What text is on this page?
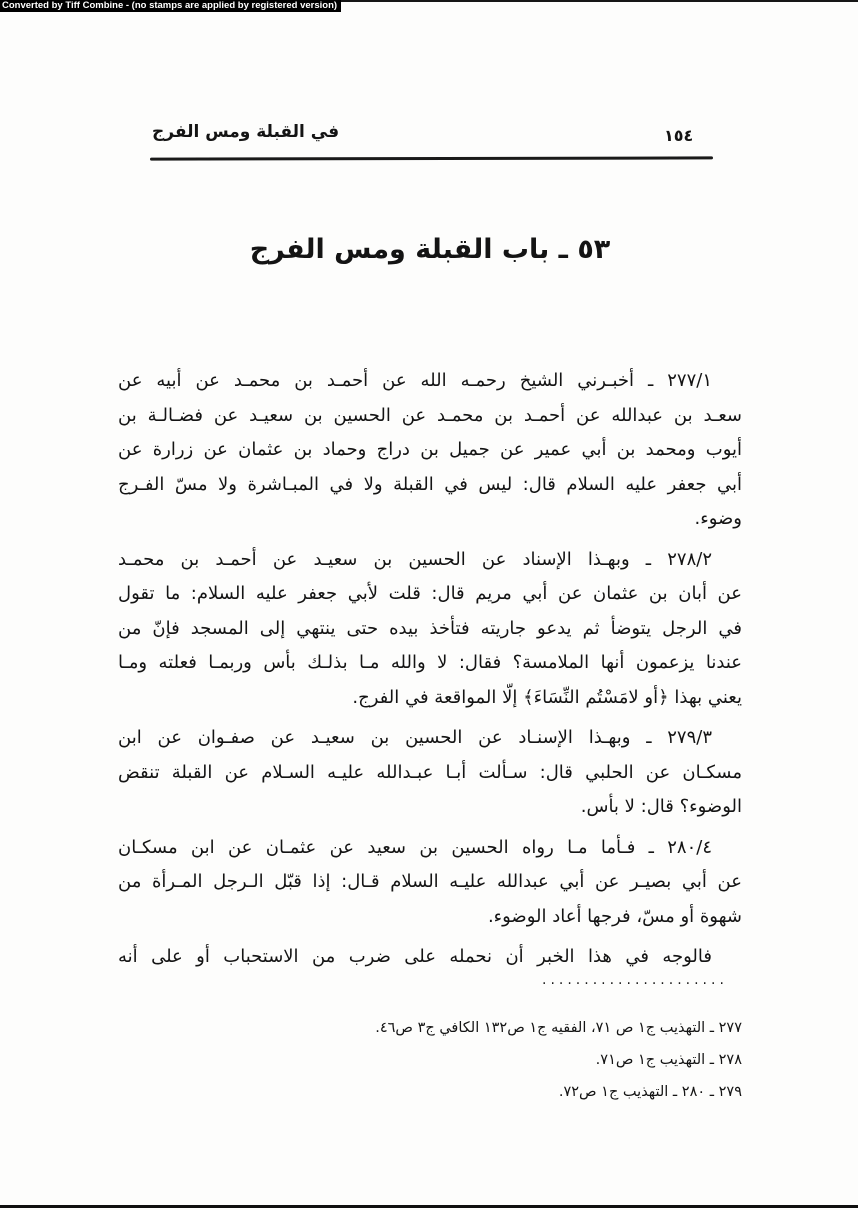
Converted by Tiff Combine - (no stamps are applied by registered version)
في القبلة ومس الفرج	١٥٤
٥٣ ـ باب القبلة ومس الفرج
٢٧٧/١ ـ أخبـرني الشيخ رحمـه الله عن أحمـد بن محمـد عن أبيه عن
سعـد بن عبدالله عن أحمـد بن محمـد عن الحسين بن سعيـد عن فضـالـة بن
أيوب ومحمد بن أبي عمير عن جميل بن دراج وحماد بن عثمان عن زرارة عن
أبي جعفر عليه السلام قال: ليس في القبلة ولا في المبـاشرة ولا مسّ الفـرج
وضوء.
٢٧٨/٢ ـ وبهـذا الإسناد عن الحسين بن سعيـد عن أحمـد بن محمـد
عن أبان بن عثمان عن أبي مريم قال: قلت لأبي جعفر عليه السلام: ما تقول
في الرجل يتوضأ ثم يدعو جاريته فتأخذ بيده حتى ينتهي إلى المسجد فإنّ من
عندنا يزعمون أنها الملامسة؟ فقال: لا والله مـا بذلـك بأس وربمـا فعلته ومـا
يعني بهذا ﴿أو لامَسْتُم النِّسَاءَ﴾ إلّا المواقعة في الفرج.
٢٧٩/٣ ـ وبهـذا الإسنـاد عن الحسين بن سعيـد عن صفـوان عن ابن
مسكـان عن الحلبي قال: سـألت أبـا عبـدالله عليـه السـلام عن القبلة تنقض
الوضوء؟ قال: لا بأس.
٢٨٠/٤ ـ فـأما مـا رواه الحسين بن سعيد عن عثمـان عن ابن مسكـان
عن أبي بصيـر عن أبي عبدالله عليـه السلام قـال: إذا قبّل الـرجل المـرأة من
شهوة أو مسّ، فرجها أعاد الوضوء.
فالوجه في هذا الخبر أن نحمله على ضرب من الاستحباب أو على أنه
......................
٢٧٧ ـ التهذيب ج١ ص ٧١، الفقيه ج١ ص١٣٢ الكافي ج٣ ص٤٦.
٢٧٨ ـ التهذيب ج١ ص٧١.
٢٧٩ ـ ٢٨٠ ـ التهذيب ج١ ص٧٢.
